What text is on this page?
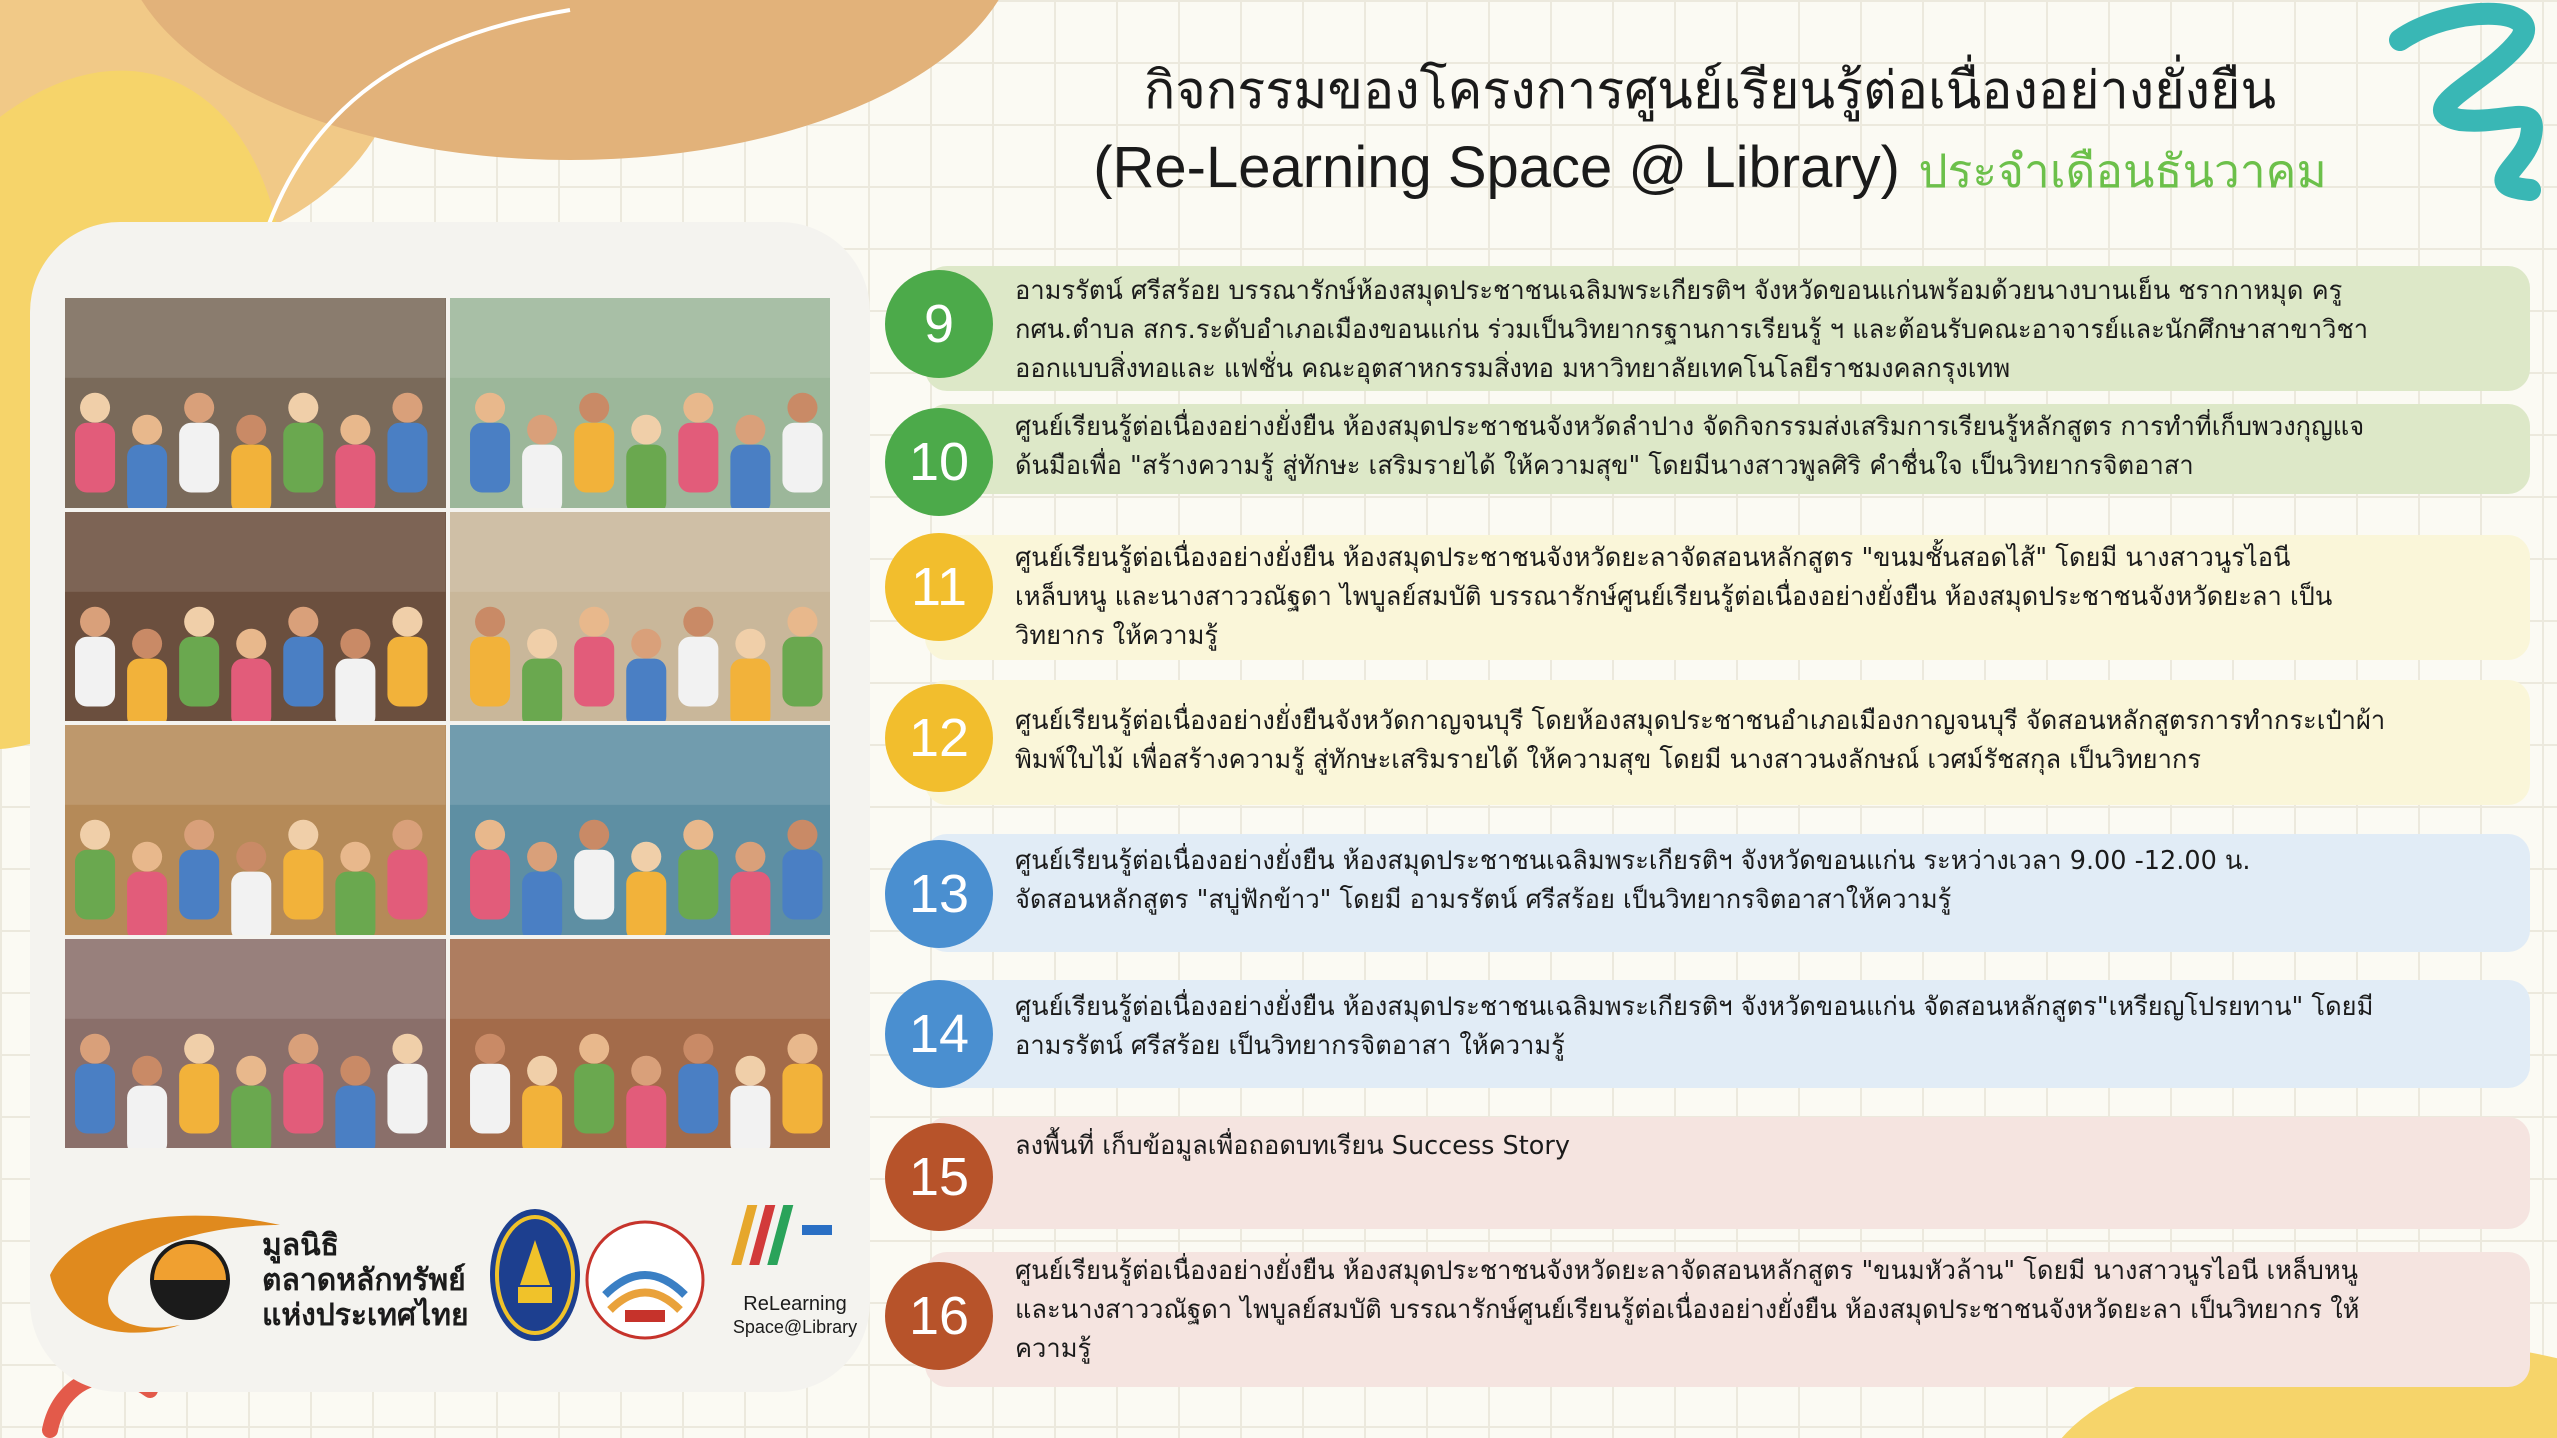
มูลนิธิ
ตลาดหลักทรัพย์
แห่งประเทศไทย	ReLearning
Space@Library
กิจกรรมของโครงการศูนย์เรียนรู้ต่อเนื่องอย่างยั่งยืน
(Re-Learning Space @ Library) ประจำเดือนธันวาคม
9
อามรรัตน์ ศรีสร้อย บรรณารักษ์ห้องสมุดประชาชนเฉลิมพระเกียรติฯ จังหวัดขอนแก่นพร้อมด้วยนางบานเย็น ชรากาหมุด ครู
กศน.ตำบล สกร.ระดับอำเภอเมืองขอนแก่น ร่วมเป็นวิทยากรฐานการเรียนรู้ ฯ และต้อนรับคณะอาจารย์และนักศึกษาสาขาวิชา
ออกแบบสิ่งทอและ แฟชั่น คณะอุตสาหกรรมสิ่งทอ มหาวิทยาลัยเทคโนโลยีราชมงคลกรุงเทพ
10
ศูนย์เรียนรู้ต่อเนื่องอย่างยั่งยืน ห้องสมุดประชาชนจังหวัดลำปาง จัดกิจกรรมส่งเสริมการเรียนรู้หลักสูตร การทำที่เก็บพวงกุญแจ
ด้นมือเพื่อ "สร้างความรู้ สู่ทักษะ เสริมรายได้ ให้ความสุข" โดยมีนางสาวพูลศิริ คำชื่นใจ เป็นวิทยากรจิตอาสา
11	ศูนย์เรียนรู้ต่อเนื่องอย่างยั่งยืน ห้องสมุดประชาชนจังหวัดยะลาจัดสอนหลักสูตร "ขนมชั้นสอดไส้" โดยมี นางสาวนูรไอนี
เหล็บหนู และนางสาววณัฐดา ไพบูลย์สมบัติ บรรณารักษ์ศูนย์เรียนรู้ต่อเนื่องอย่างยั่งยืน ห้องสมุดประชาชนจังหวัดยะลา เป็น
วิทยากร ให้ความรู้
12	ศูนย์เรียนรู้ต่อเนื่องอย่างยั่งยืนจังหวัดกาญจนบุรี โดยห้องสมุดประชาชนอำเภอเมืองกาญจนบุรี จัดสอนหลักสูตรการทำกระเป๋าผ้า
พิมพ์ใบไม้ เพื่อสร้างความรู้ สู่ทักษะเสริมรายได้ ให้ความสุข โดยมี นางสาวนงลักษณ์ เวศม์รัชสกุล เป็นวิทยากร
13
ศูนย์เรียนรู้ต่อเนื่องอย่างยั่งยืน ห้องสมุดประชาชนเฉลิมพระเกียรติฯ จังหวัดขอนแก่น ระหว่างเวลา 9.00 -12.00 น.
จัดสอนหลักสูตร "สบู่ฟักข้าว" โดยมี อามรรัตน์ ศรีสร้อย เป็นวิทยากรจิตอาสาให้ความรู้
14	ศูนย์เรียนรู้ต่อเนื่องอย่างยั่งยืน ห้องสมุดประชาชนเฉลิมพระเกียรติฯ จังหวัดขอนแก่น จัดสอนหลักสูตร"เหรียญโปรยทาน" โดยมี
อามรรัตน์ ศรีสร้อย เป็นวิทยากรจิตอาสา ให้ความรู้
15
ลงพื้นที่ เก็บข้อมูลเพื่อถอดบทเรียน Success Story
16
ศูนย์เรียนรู้ต่อเนื่องอย่างยั่งยืน ห้องสมุดประชาชนจังหวัดยะลาจัดสอนหลักสูตร "ขนมหัวล้าน" โดยมี นางสาวนูรไอนี เหล็บหนู
และนางสาววณัฐดา ไพบูลย์สมบัติ บรรณารักษ์ศูนย์เรียนรู้ต่อเนื่องอย่างยั่งยืน ห้องสมุดประชาชนจังหวัดยะลา เป็นวิทยากร ให้
ความรู้
